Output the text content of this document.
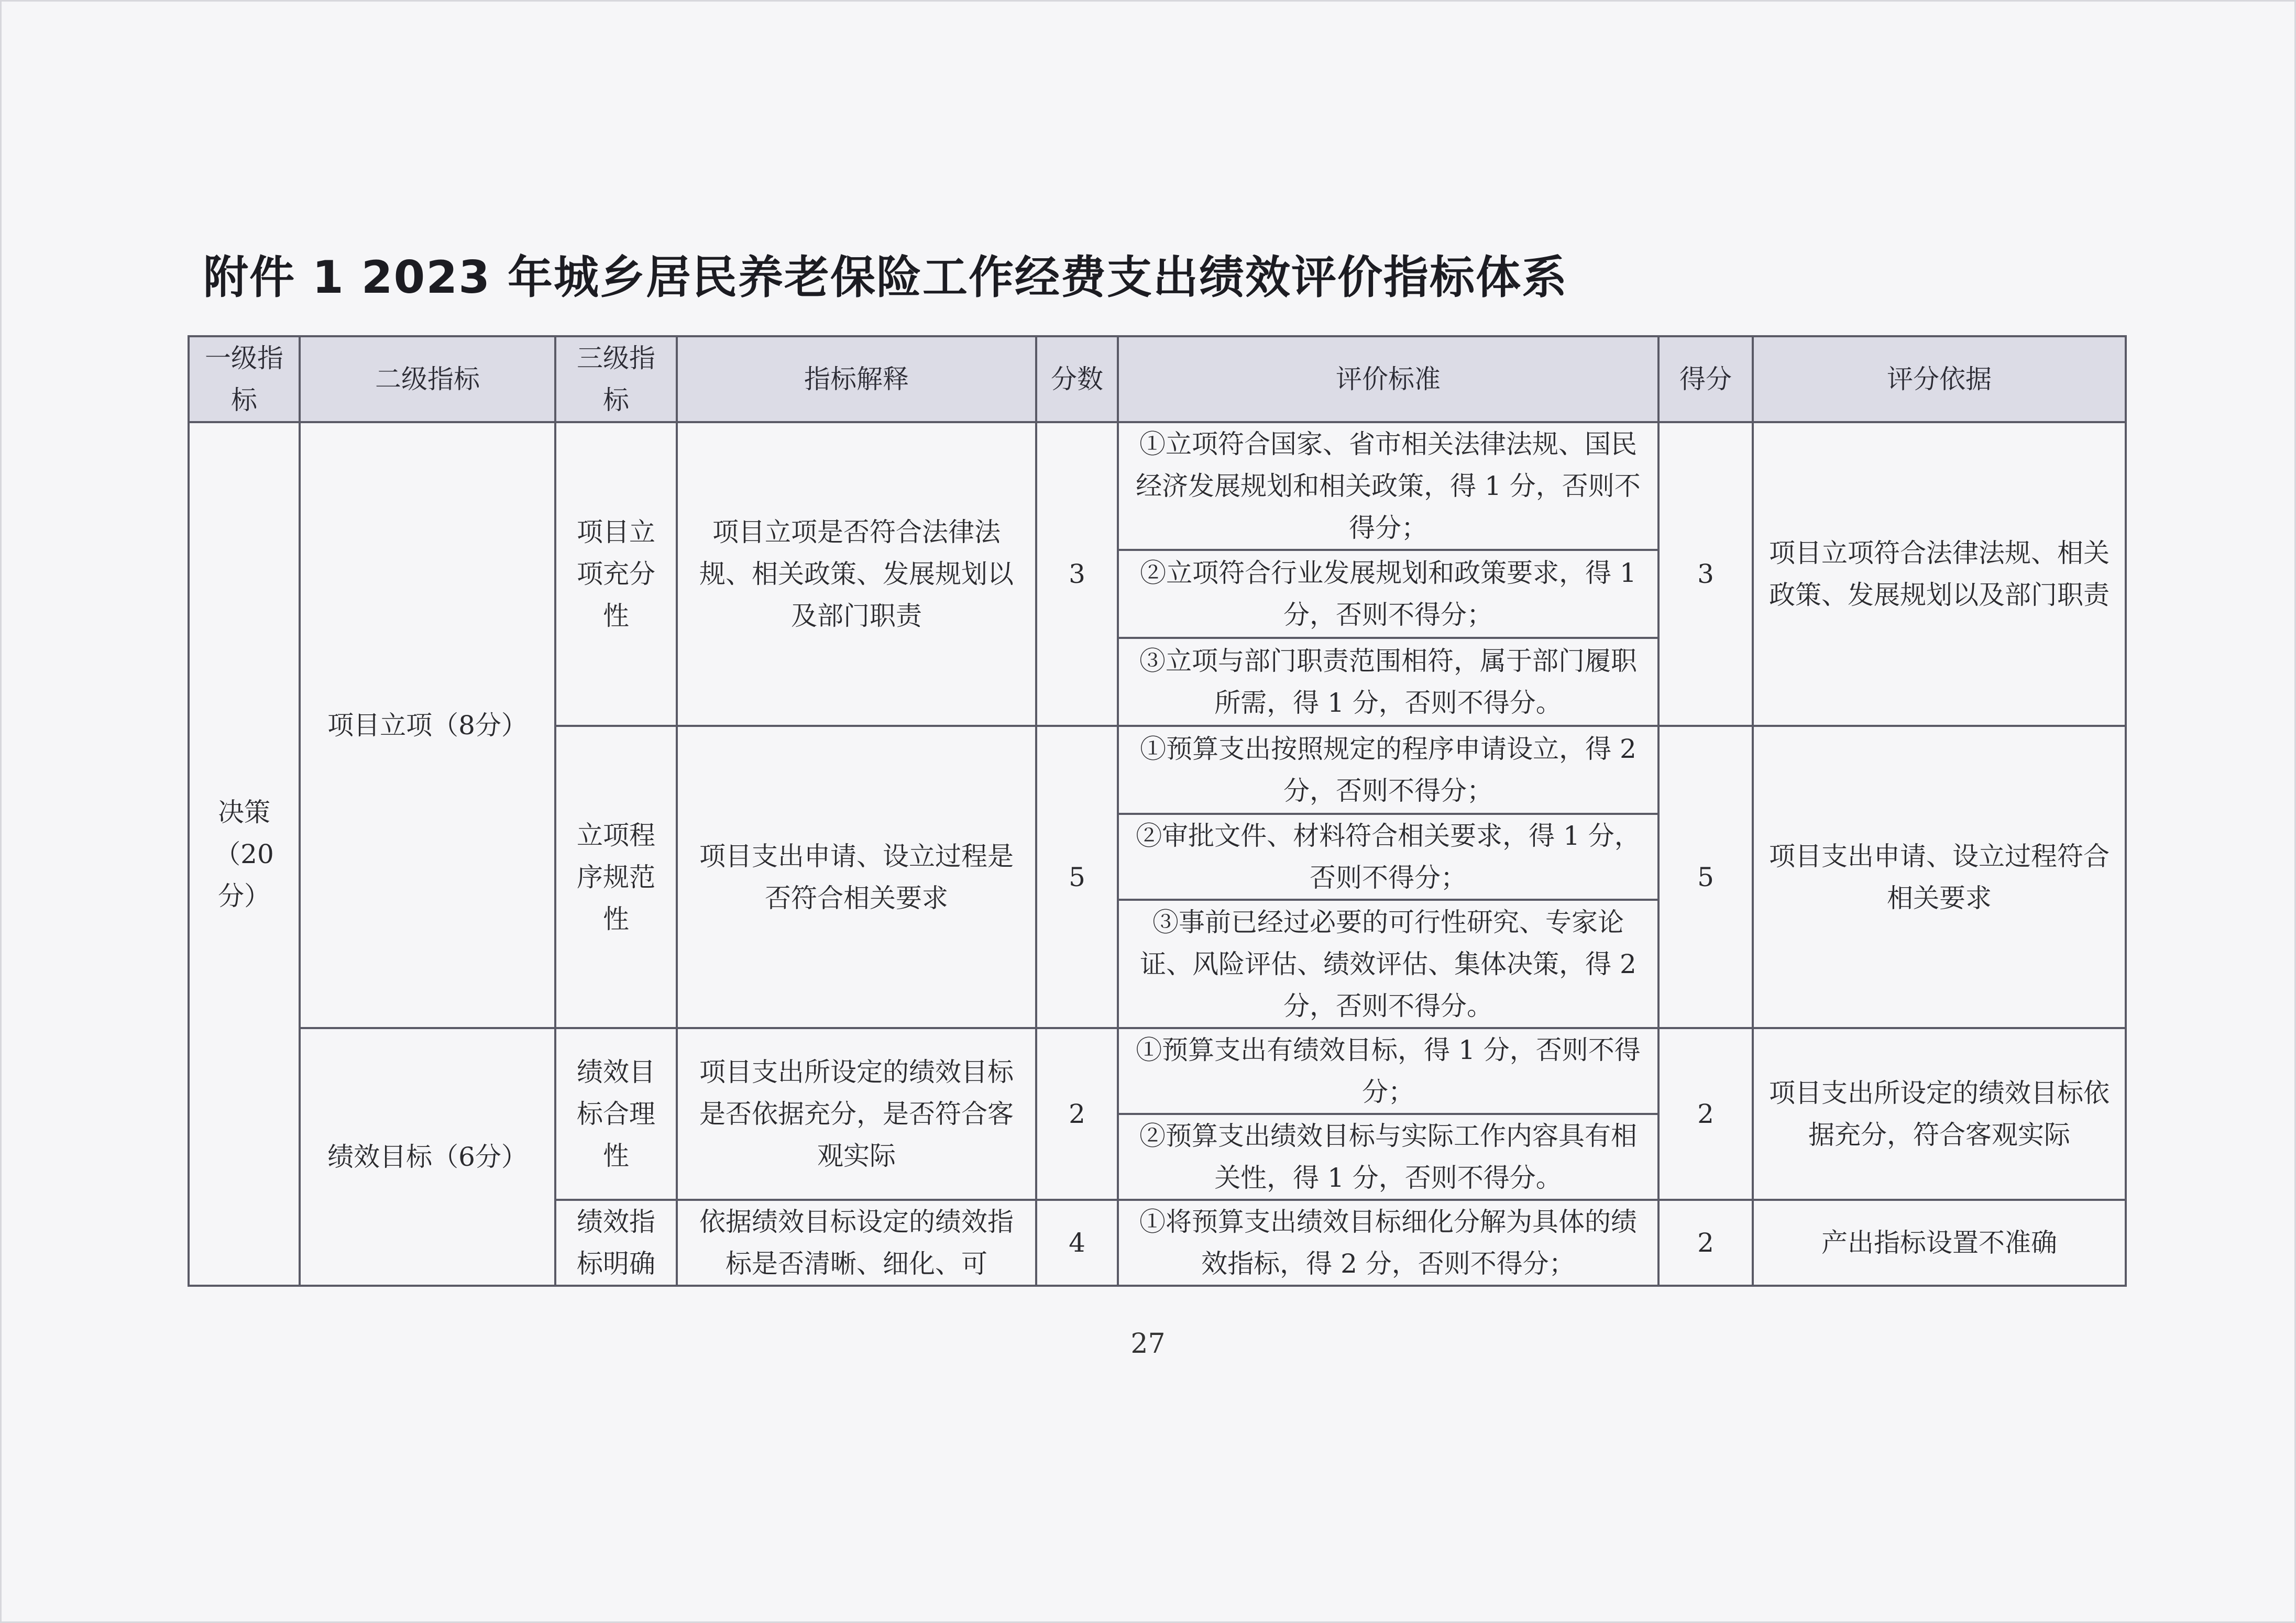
附件 1 2023 年城乡居民养老保险工作经费支出绩效评价指标体系
一级指标	二级指标	三级指标	指标解释	分数	评价标准	得分	评分依据
决策（20分）	项目立项（8分）	项目立项充分性	项目立项是否符合法律法规、相关政策、发展规划以及部门职责	3	①立项符合国家、省市相关法律法规、国民经济发展规划和相关政策，得 1 分，否则不得分；	3	项目立项符合法律法规、相关政策、发展规划以及部门职责
					②立项符合行业发展规划和政策要求，得 1 分，否则不得分；		
					③立项与部门职责范围相符，属于部门履职所需，得 1 分，否则不得分。		
		立项程序规范性	项目支出申请、设立过程是否符合相关要求	5	①预算支出按照规定的程序申请设立，得 2 分，否则不得分；	5	项目支出申请、设立过程符合相关要求
					②审批文件、材料符合相关要求，得 1 分，否则不得分；		
					③事前已经过必要的可行性研究、专家论证、风险评估、绩效评估、集体决策，得 2 分，否则不得分。		
	绩效目标（6分）	绩效目标合理性	项目支出所设定的绩效目标是否依据充分，是否符合客观实际	2	①预算支出有绩效目标，得 1 分，否则不得分；	2	项目支出所设定的绩效目标依据充分，符合客观实际
					②预算支出绩效目标与实际工作内容具有相关性，得 1 分，否则不得分。		
		绩效指标明确	依据绩效目标设定的绩效指标是否清晰、细化、可	4	①将预算支出绩效目标细化分解为具体的绩效指标，得 2 分，否则不得分；	2	产出指标设置不准确
27
